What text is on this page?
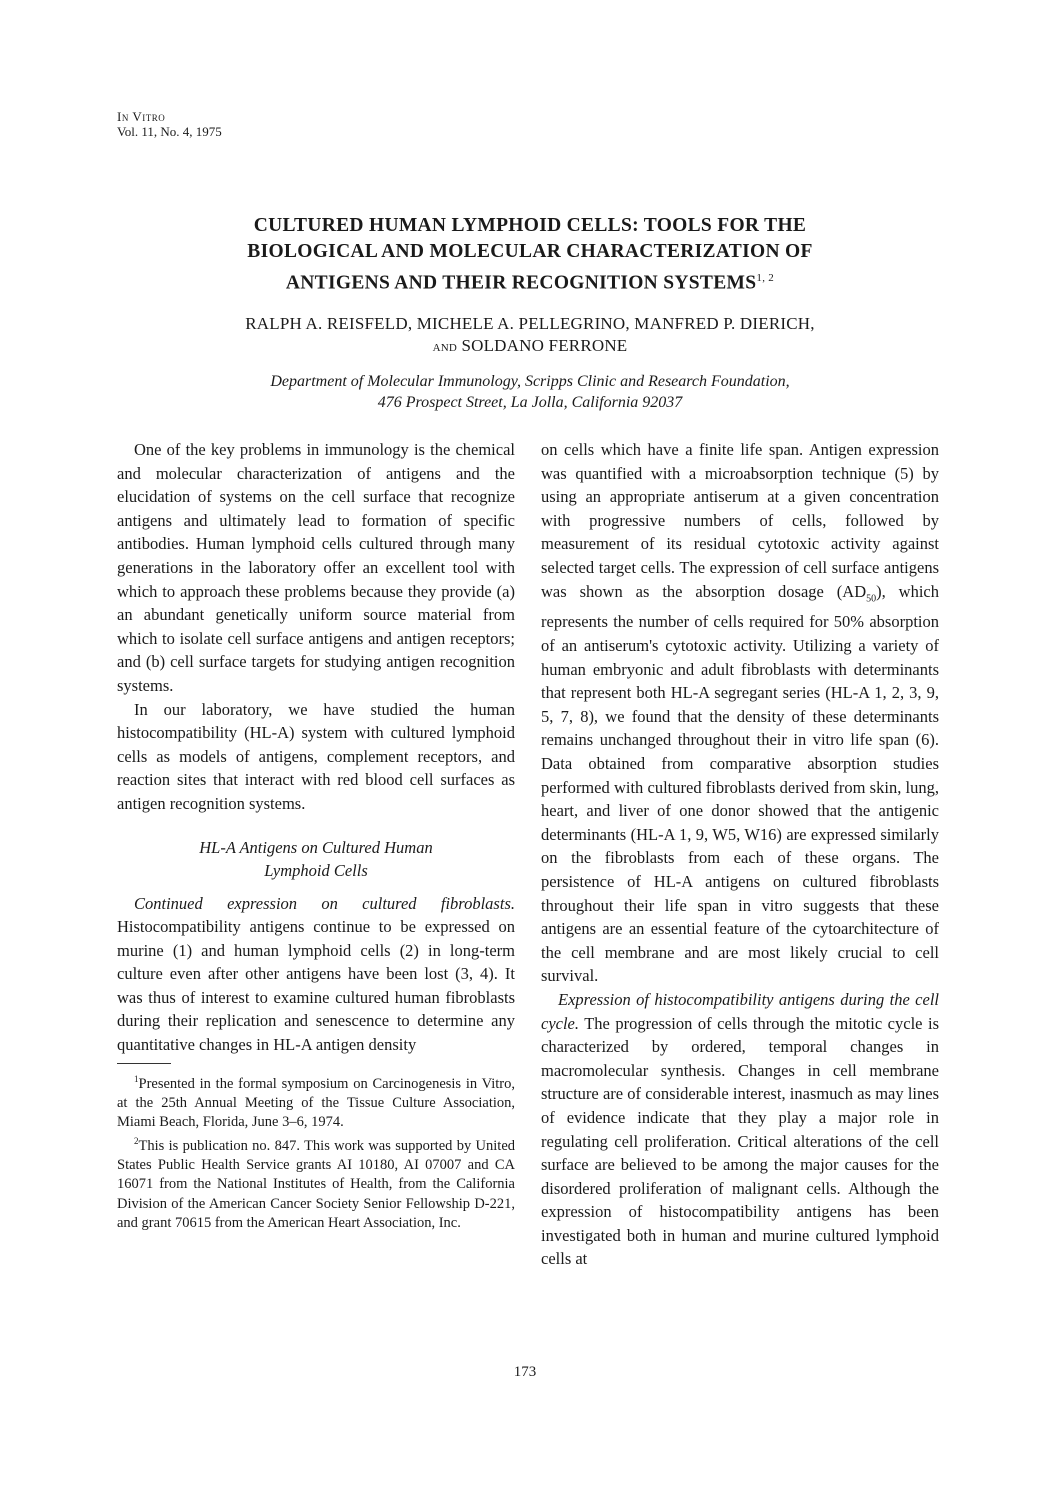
In Vitro
Vol. 11, No. 4, 1975
CULTURED HUMAN LYMPHOID CELLS: TOOLS FOR THE
BIOLOGICAL AND MOLECULAR CHARACTERIZATION OF
ANTIGENS AND THEIR RECOGNITION SYSTEMS$^{1, 2}$
RALPH A. REISFELD, MICHELE A. PELLEGRINO, MANFRED P. DIERICH,
and SOLDANO FERRONE
Department of Molecular Immunology, Scripps Clinic and Research Foundation,
476 Prospect Street, La Jolla, California 92037

One of the key problems in immunology is the chemical and molecular characterization of antigens and the elucidation of systems on the cell surface that recognize antigens and ultimately lead to formation of specific antibodies. Human lymphoid cells cultured through many generations in the laboratory offer an excellent tool with which to approach these problems because they provide (a) an abundant genetically uniform source material from which to isolate cell surface antigens and antigen receptors; and (b) cell surface targets for studying antigen recognition systems.

In our laboratory, we have studied the human histocompatibility (HL-A) system with cultured lymphoid cells as models of antigens, complement receptors, and reaction sites that interact with red blood cell surfaces as antigen recognition systems.

HL-A Antigens on Cultured Human
Lymphoid Cells

Continued expression on cultured fibroblasts. Histocompatibility antigens continue to be expressed on murine (1) and human lymphoid cells (2) in long-term culture even after other antigens have been lost (3, 4). It was thus of interest to examine cultured human fibroblasts during their replication and senescence to determine any quantitative changes in HL-A antigen density

$^1$Presented in the formal symposium on Carcinogenesis in Vitro, at the 25th Annual Meeting of the Tissue Culture Association, Miami Beach, Florida, June 3–6, 1974.

$^2$This is publication no. 847. This work was supported by United States Public Health Service grants AI 10180, AI 07007 and CA 16071 from the National Institutes of Health, from the California Division of the American Cancer Society Senior Fellowship D-221, and grant 70615 from the American Heart Association, Inc.

on cells which have a finite life span. Antigen expression was quantified with a microabsorption technique (5) by using an appropriate antiserum at a given concentration with progressive numbers of cells, followed by measurement of its residual cytotoxic activity against selected target cells. The expression of cell surface antigens was shown as the absorption dosage $(AD_{50})$, which represents the number of cells required for 50% absorption of an antiserum's cytotoxic activity. Utilizing a variety of human embryonic and adult fibroblasts with determinants that represent both HL-A segregant series (HL-A 1, 2, 3, 9, 5, 7, 8), we found that the density of these determinants remains unchanged throughout their in vitro life span (6). Data obtained from comparative absorption studies performed with cultured fibroblasts derived from skin, lung, heart, and liver of one donor showed that the antigenic determinants (HL-A 1, 9, W5, W16) are expressed similarly on the fibroblasts from each of these organs. The persistence of HL-A antigens on cultured fibroblasts throughout their life span in vitro suggests that these antigens are an essential feature of the cytoarchitecture of the cell membrane and are most likely crucial to cell survival.

Expression of histocompatibility antigens during the cell cycle. The progression of cells through the mitotic cycle is characterized by ordered, temporal changes in macromolecular synthesis. Changes in cell membrane structure are of considerable interest, inasmuch as may lines of evidence indicate that they play a major role in regulating cell proliferation. Critical alterations of the cell surface are believed to be among the major causes for the disordered proliferation of malignant cells. Although the expression of histocompatibility antigens has been investigated both in human and murine cultured lymphoid cells at

173
